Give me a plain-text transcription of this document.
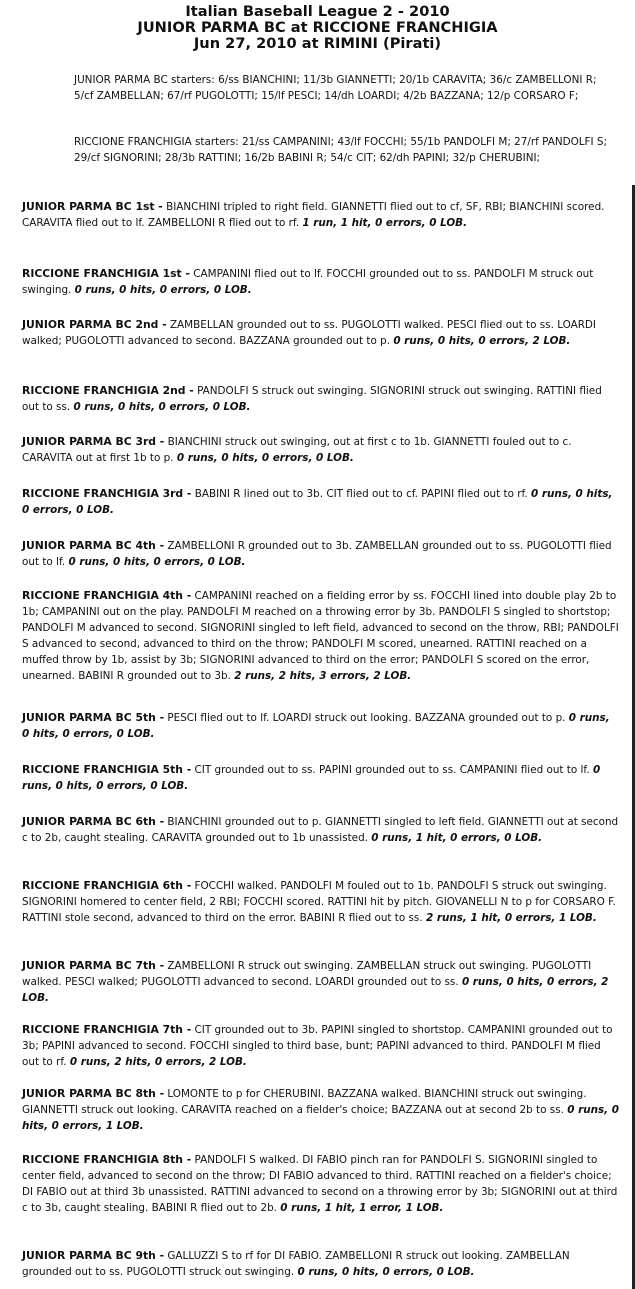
Italian Baseball League 2 - 2010
JUNIOR PARMA BC at RICCIONE FRANCHIGIA
Jun 27, 2010 at RIMINI (Pirati)
JUNIOR PARMA BC starters: 6/ss BIANCHINI; 11/3b GIANNETTI; 20/1b CARAVITA; 36/c ZAMBELLONI R; 5/cf ZAMBELLAN; 67/rf PUGOLOTTI; 15/lf PESCI; 14/dh LOARDI; 4/2b BAZZANA; 12/p CORSARO F;
RICCIONE FRANCHIGIA starters: 21/ss CAMPANINI; 43/lf FOCCHI; 55/1b PANDOLFI M; 27/rf PANDOLFI S; 29/cf SIGNORINI; 28/3b RATTINI; 16/2b BABINI R; 54/c CIT; 62/dh PAPINI; 32/p CHERUBINI;
JUNIOR PARMA BC 1st - BIANCHINI tripled to right field. GIANNETTI flied out to cf, SF, RBI; BIANCHINI scored. CARAVITA flied out to lf. ZAMBELLONI R flied out to rf. 1 run, 1 hit, 0 errors, 0 LOB.
RICCIONE FRANCHIGIA 1st - CAMPANINI flied out to lf. FOCCHI grounded out to ss. PANDOLFI M struck out swinging. 0 runs, 0 hits, 0 errors, 0 LOB.
JUNIOR PARMA BC 2nd - ZAMBELLAN grounded out to ss. PUGOLOTTI walked. PESCI flied out to ss. LOARDI walked; PUGOLOTTI advanced to second. BAZZANA grounded out to p. 0 runs, 0 hits, 0 errors, 2 LOB.
RICCIONE FRANCHIGIA 2nd - PANDOLFI S struck out swinging. SIGNORINI struck out swinging. RATTINI flied out to ss. 0 runs, 0 hits, 0 errors, 0 LOB.
JUNIOR PARMA BC 3rd - BIANCHINI struck out swinging, out at first c to 1b. GIANNETTI fouled out to c. CARAVITA out at first 1b to p. 0 runs, 0 hits, 0 errors, 0 LOB.
RICCIONE FRANCHIGIA 3rd - BABINI R lined out to 3b. CIT flied out to cf. PAPINI flied out to rf. 0 runs, 0 hits, 0 errors, 0 LOB.
JUNIOR PARMA BC 4th - ZAMBELLONI R grounded out to 3b. ZAMBELLAN grounded out to ss. PUGOLOTTI flied out to lf. 0 runs, 0 hits, 0 errors, 0 LOB.
RICCIONE FRANCHIGIA 4th - CAMPANINI reached on a fielding error by ss. FOCCHI lined into double play 2b to 1b; CAMPANINI out on the play. PANDOLFI M reached on a throwing error by 3b. PANDOLFI S singled to shortstop; PANDOLFI M advanced to second. SIGNORINI singled to left field, advanced to second on the throw, RBI; PANDOLFI S advanced to second, advanced to third on the throw; PANDOLFI M scored, unearned. RATTINI reached on a muffed throw by 1b, assist by 3b; SIGNORINI advanced to third on the error; PANDOLFI S scored on the error, unearned. BABINI R grounded out to 3b. 2 runs, 2 hits, 3 errors, 2 LOB.
JUNIOR PARMA BC 5th - PESCI flied out to lf. LOARDI struck out looking. BAZZANA grounded out to p. 0 runs, 0 hits, 0 errors, 0 LOB.
RICCIONE FRANCHIGIA 5th - CIT grounded out to ss. PAPINI grounded out to ss. CAMPANINI flied out to lf. 0 runs, 0 hits, 0 errors, 0 LOB.
JUNIOR PARMA BC 6th - BIANCHINI grounded out to p. GIANNETTI singled to left field. GIANNETTI out at second c to 2b, caught stealing. CARAVITA grounded out to 1b unassisted. 0 runs, 1 hit, 0 errors, 0 LOB.
RICCIONE FRANCHIGIA 6th - FOCCHI walked. PANDOLFI M fouled out to 1b. PANDOLFI S struck out swinging. SIGNORINI homered to center field, 2 RBI; FOCCHI scored. RATTINI hit by pitch. GIOVANELLI N to p for CORSARO F. RATTINI stole second, advanced to third on the error. BABINI R flied out to ss. 2 runs, 1 hit, 0 errors, 1 LOB.
JUNIOR PARMA BC 7th - ZAMBELLONI R struck out swinging. ZAMBELLAN struck out swinging. PUGOLOTTI walked. PESCI walked; PUGOLOTTI advanced to second. LOARDI grounded out to ss. 0 runs, 0 hits, 0 errors, 2 LOB.
RICCIONE FRANCHIGIA 7th - CIT grounded out to 3b. PAPINI singled to shortstop. CAMPANINI grounded out to 3b; PAPINI advanced to second. FOCCHI singled to third base, bunt; PAPINI advanced to third. PANDOLFI M flied out to rf. 0 runs, 2 hits, 0 errors, 2 LOB.
JUNIOR PARMA BC 8th - LOMONTE to p for CHERUBINI. BAZZANA walked. BIANCHINI struck out swinging. GIANNETTI struck out looking. CARAVITA reached on a fielder's choice; BAZZANA out at second 2b to ss. 0 runs, 0 hits, 0 errors, 1 LOB.
RICCIONE FRANCHIGIA 8th - PANDOLFI S walked. DI FABIO pinch ran for PANDOLFI S. SIGNORINI singled to center field, advanced to second on the throw; DI FABIO advanced to third. RATTINI reached on a fielder's choice; DI FABIO out at third 3b unassisted. RATTINI advanced to second on a throwing error by 3b; SIGNORINI out at third c to 3b, caught stealing. BABINI R flied out to 2b. 0 runs, 1 hit, 1 error, 1 LOB.
JUNIOR PARMA BC 9th - GALLUZZI S to rf for DI FABIO. ZAMBELLONI R struck out looking. ZAMBELLAN grounded out to ss. PUGOLOTTI struck out swinging. 0 runs, 0 hits, 0 errors, 0 LOB.
